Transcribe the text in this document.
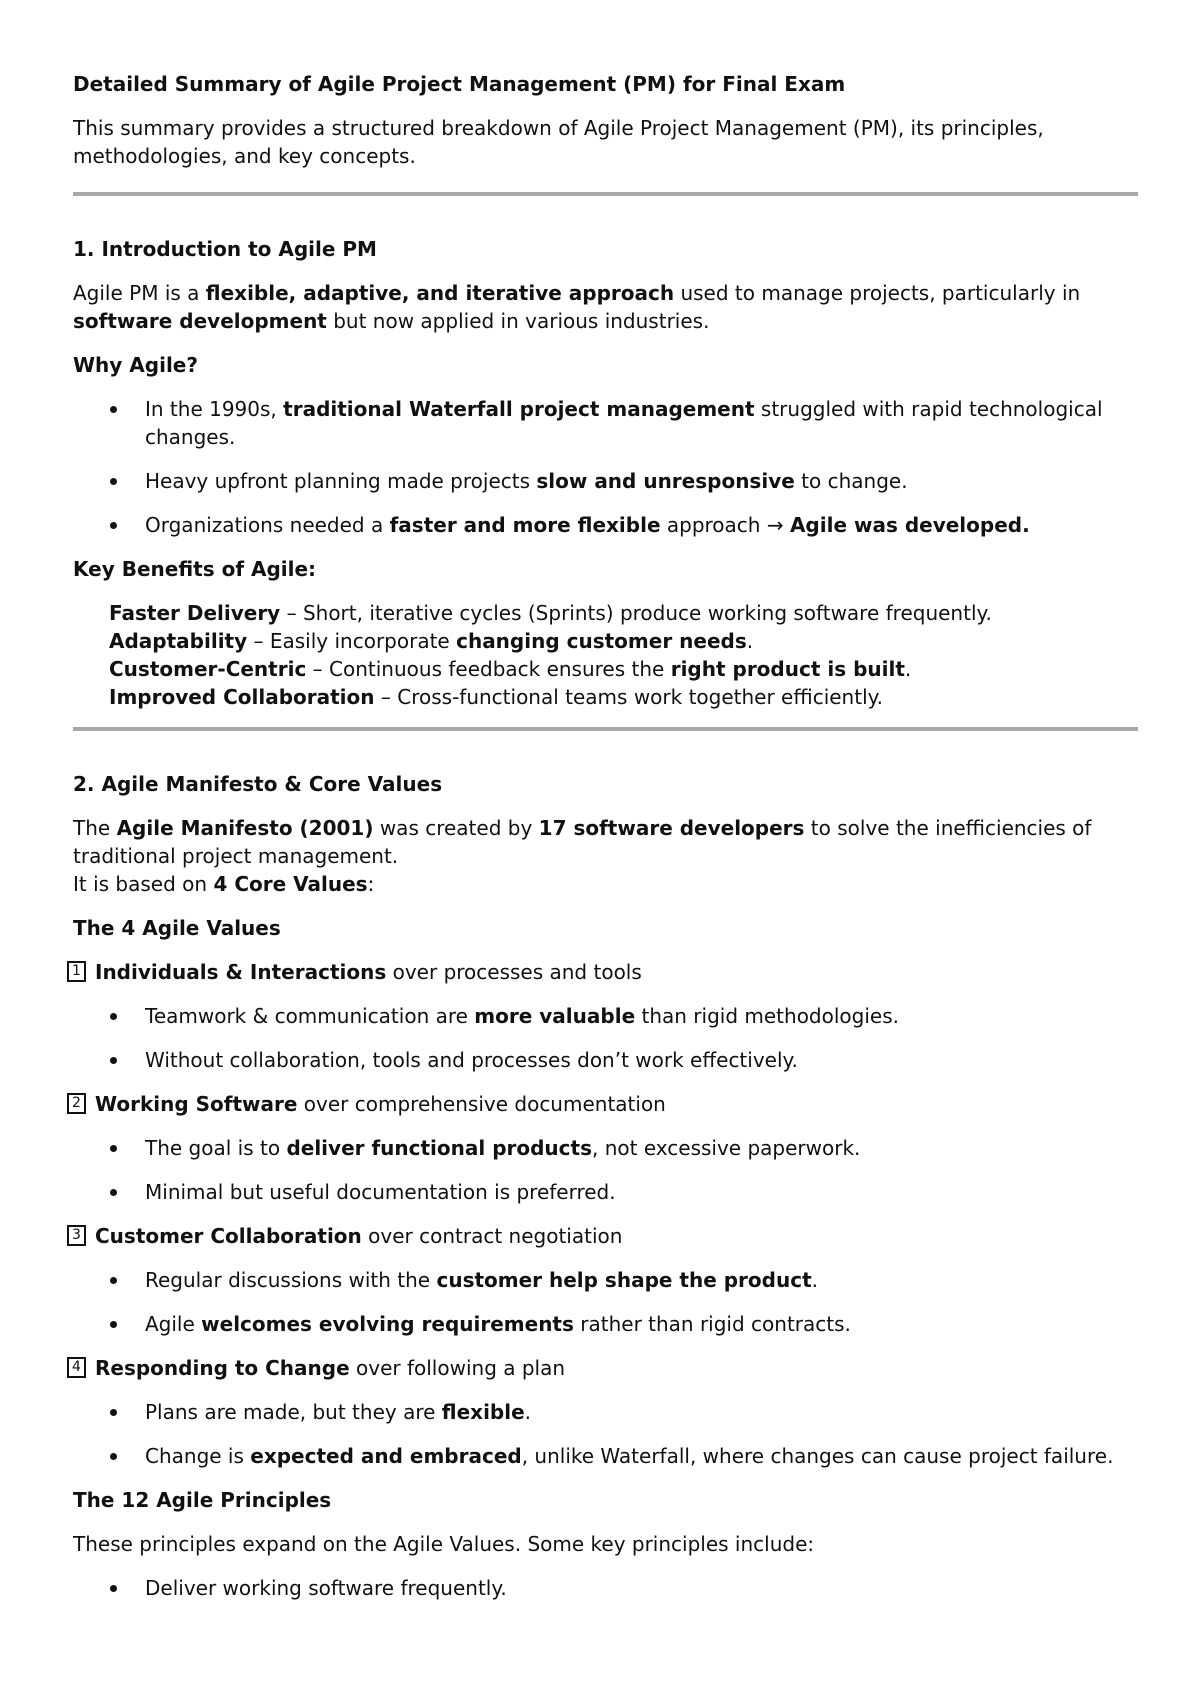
Detailed Summary of Agile Project Management (PM) for Final Exam

This summary provides a structured breakdown of Agile Project Management (PM), its principles, methodologies, and key concepts.

1. Introduction to Agile PM

Agile PM is a flexible, adaptive, and iterative approach used to manage projects, particularly in software development but now applied in various industries.

Why Agile?

In the 1990s, traditional Waterfall project management struggled with rapid technological changes.
Heavy upfront planning made projects slow and unresponsive to change.
Organizations needed a faster and more flexible approach → Agile was developed.

Key Benefits of Agile:

Faster Delivery – Short, iterative cycles (Sprints) produce working software frequently.

Adaptability – Easily incorporate changing customer needs.

Customer-Centric – Continuous feedback ensures the right product is built.

Improved Collaboration – Cross-functional teams work together efficiently.

2. Agile Manifesto & Core Values

The Agile Manifesto (2001) was created by 17 software developers to solve the inefficiencies of traditional project management.
It is based on 4 Core Values:

The 4 Agile Values

1 Individuals & Interactions over processes and tools

Teamwork & communication are more valuable than rigid methodologies.
Without collaboration, tools and processes don’t work effectively.

2 Working Software over comprehensive documentation

The goal is to deliver functional products, not excessive paperwork.
Minimal but useful documentation is preferred.

3 Customer Collaboration over contract negotiation

Regular discussions with the customer help shape the product.
Agile welcomes evolving requirements rather than rigid contracts.

4 Responding to Change over following a plan

Plans are made, but they are flexible.
Change is expected and embraced, unlike Waterfall, where changes can cause project failure.

The 12 Agile Principles

These principles expand on the Agile Values. Some key principles include:

Deliver working software frequently.
